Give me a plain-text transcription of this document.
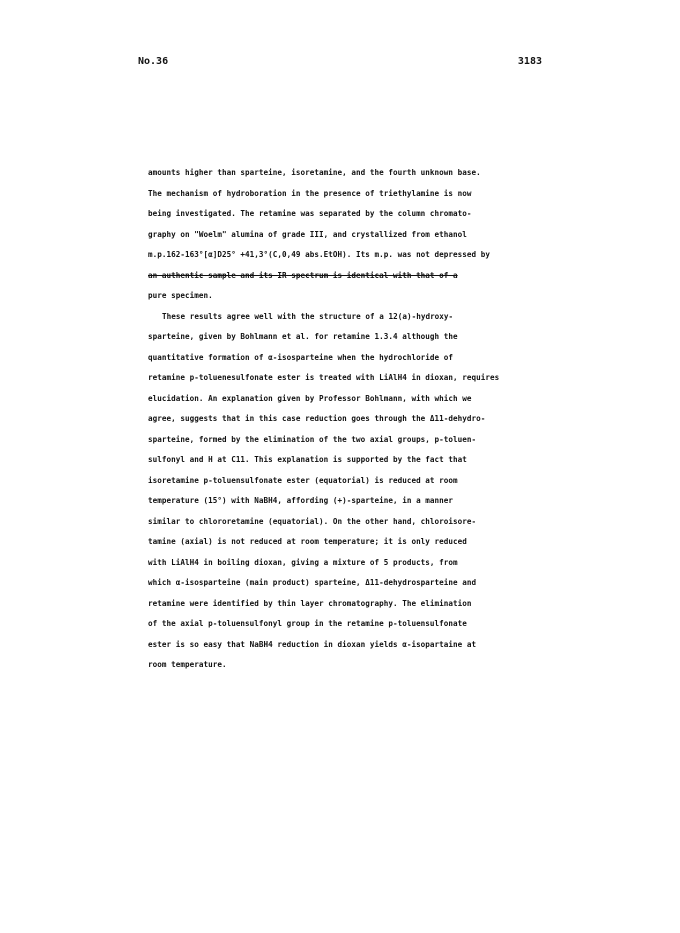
No.36	3183
amounts higher than sparteine, isoretamine, and the fourth unknown base.
The mechanism of hydroboration in the presence of triethylamine is now
being investigated. The retamine was separated by the column chromato-
graphy on "Woelm" alumina of grade III, and crystallized from ethanol
m.p.162-163°[α]D25° +41,3°(C,0,49 abs.EtOH). Its m.p. was not depressed by
an authentic sample and its IR spectrum is identical with that of a
pure specimen.
These results agree well with the structure of a 12(a)-hydroxy-
sparteine, given by Bohlmann et al. for retamine 1.3.4 although the
quantitative formation of α-isosparteine when the hydrochloride of
retamine p-toluenesulfonate ester is treated with LiAlH4 in dioxan, requires
elucidation. An explanation given by Professor Bohlmann, with which we
agree, suggests that in this case reduction goes through the Δ11-dehydro-
sparteine, formed by the elimination of the two axial groups, p-toluen-
sulfonyl and H at C11. This explanation is supported by the fact that
isoretamine p-toluensulfonate ester (equatorial) is reduced at room
temperature (15°) with NaBH4, affording (+)-sparteine, in a manner
similar to chlororetamine (equatorial). On the other hand, chloroisore-
tamine (axial) is not reduced at room temperature; it is only reduced
with LiAlH4 in boiling dioxan, giving a mixture of 5 products, from
which α-isosparteine (main product) sparteine, Δ11-dehydrosparteine and
retamine were identified by thin layer chromatography. The elimination
of the axial p-toluensulfonyl group in the retamine p-toluensulfonate
ester is so easy that NaBH4 reduction in dioxan yields α-isopartaine at
room temperature.
